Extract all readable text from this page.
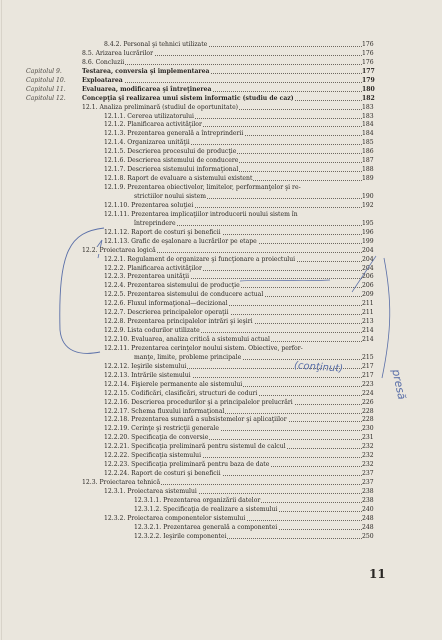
8.4.2. Personal şi tehnici utilizate	176
8.5. Arizarea lucrărilor	176
8.6. Concluzii	176
Capitolul 9.	Testarea, conversia şi implementarea	177
Capitolul 10.	Exploatarea	179
Capitolul 11.	Evaluarea, modificarea şi întreţinerea	180
Capitolul 12.	Concepţia şi realizarea unui sistem informatic (studiu de caz)	182
12.1. Analiza preliminară (studiul de oportunitate)	183
12.1.1. Cererea utilizatorului	183
12.1.2. Planificarea activităţilor	184
12.1.3. Prezentarea generală a întreprinderii	184
12.1.4. Organizarea unităţii	185
12.1.5. Descrierea procesului de producţie	186
12.1.6. Descrierea sistemului de conducere	187
12.1.7. Descrierea sistemului informaţional	188
12.1.8. Raport de evaluare a sistemului existent	189
12.1.9. Prezentarea obiectivelor, limitelor, performanţelor şi re-
strictiilor noului sistem	190
12.1.10. Prezentarea soluţiei	192
12.1.11. Prezentarea implicaţiilor introducerii noului sistem în
întreprindere	195
12.1.12. Raport de costuri şi beneficii	196
12.1.13. Grafic de eşalonare a lucrărilor pe etape	199
12.2. Proiectarea logică	204
12.2.1. Regulament de organizare şi funcţionare a proiectului	204
12.2.2. Planificarea activităţilor	204
12.2.3. Prezentarea unităţii	206
12.2.4. Prezentarea sistemului de producţie	206
12.2.5. Prezentarea sistemului de conducere actual	209
12.2.6. Fluxul informaţional—decizional	211
12.2.7. Descrierea principalelor operaţii	211
12.2.8. Prezentarea principalelor intrări şi ieşiri	213
12.2.9. Lista codurilor utilizate	214
12.2.10. Evaluarea, analiza critică a sistemului actual	214
12.2.11. Prezentarea cerinţelor noului sistem. Obiective, perfor-
manţe, limite, probleme principale	215
12.2.12. Ieşirile sistemului	217
12.2.13. Intrările sistemului	217
12.2.14. Fişierele permanente ale sistemului	223
12.2.15. Codificări, clasificări, structuri de coduri	224
12.2.16. Descrierea procedurilor şi a principalelor prelucrări	226
12.2.17. Schema fluxului informaţional	228
12.2.18. Prezentarea sumară a subsistemelor şi aplicaţiilor	228
12.2.19. Cerinţe şi restricţii generale	230
12.2.20. Specificaţia de conversie	231
12.2.21. Specificaţia preliminară pentru sistemul de calcul	232
12.2.22. Specificaţia sistemului	232
12.2.23. Specificaţia preliminară pentru baza de date	232
12.2.24. Raport de costuri şi beneficii	237
12.3. Proiectarea tehnică	237
12.3.1. Proiectarea sistemului	238
12.3.1.1. Prezentarea organizării datelor	238
12.3.1.2. Specificaţia de realizare a sistemului	240
12.3.2. Proiectarea componentelor sistemului	248
12.3.2.1. Prezentarea generală a componentei	248
12.3.2.2. Ieşirile componentei	250
(conţinut)
presă
11
